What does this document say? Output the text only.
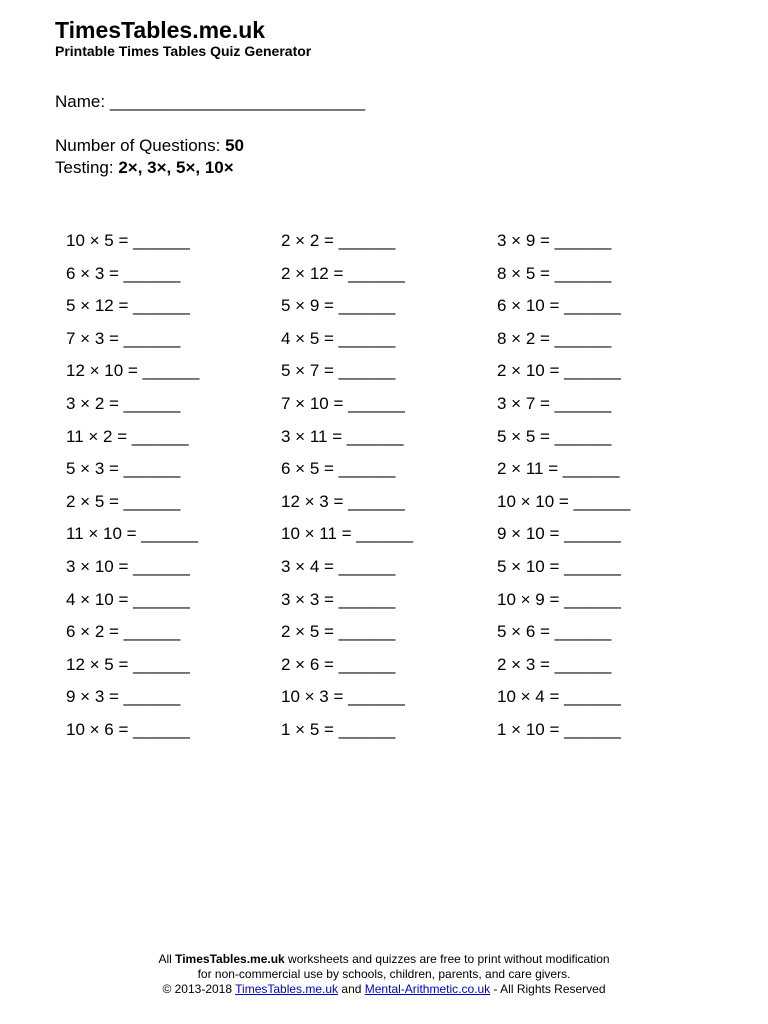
TimesTables.me.uk
Printable Times Tables Quiz Generator
Name: ___________________________
Number of Questions: 50
Testing: 2×, 3×, 5×, 10×
10 × 5 = ______
6 × 3 = ______
5 × 12 = ______
7 × 3 = ______
12 × 10 = ______
3 × 2 = ______
11 × 2 = ______
5 × 3 = ______
2 × 5 = ______
11 × 10 = ______
3 × 10 = ______
4 × 10 = ______
6 × 2 = ______
12 × 5 = ______
9 × 3 = ______
10 × 6 = ______
2 × 2 = ______
2 × 12 = ______
5 × 9 = ______
4 × 5 = ______
5 × 7 = ______
7 × 10 = ______
3 × 11 = ______
6 × 5 = ______
12 × 3 = ______
10 × 11 = ______
3 × 4 = ______
3 × 3 = ______
2 × 5 = ______
2 × 6 = ______
10 × 3 = ______
1 × 5 = ______
3 × 9 = ______
8 × 5 = ______
6 × 10 = ______
8 × 2 = ______
2 × 10 = ______
3 × 7 = ______
5 × 5 = ______
2 × 11 = ______
10 × 10 = ______
9 × 10 = ______
5 × 10 = ______
10 × 9 = ______
5 × 6 = ______
2 × 3 = ______
10 × 4 = ______
1 × 10 = ______
All TimesTables.me.uk worksheets and quizzes are free to print without modification
for non-commercial use by schools, children, parents, and care givers.
© 2013-2018 TimesTables.me.uk and Mental-Arithmetic.co.uk - All Rights Reserved
